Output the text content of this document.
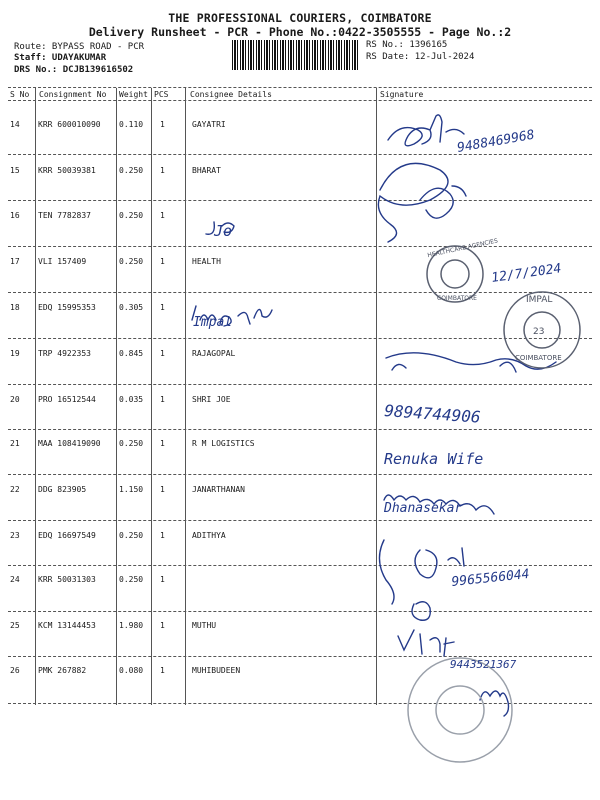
THE PROFESSIONAL COURIERS, COIMBATORE
Delivery Runsheet - PCR - Phone No.:0422-3505555 - Page No.:2
Route: BYPASS ROAD - PCR
Staff: UDAYAKUMAR
DRS No.: DCJB139616502
RS No.: 1396165
RS Date: 12-Jul-2024
S No Consignment No Weight PCS	Consignee Details	Signature
14 KRR 600010090 0.110 1	GAYATRI
15 KRR 50039381	0.250 1	BHARAT
16 TEN 7782837	0.250 1
17 VLI 157409	0.250 1	HEALTH
18 EDQ 15995353	0.305 1
19 TRP 4922353	0.845 1	RAJAGOPAL
20 PRO 16512544	0.035 1	SHRI JOE
21 MAA 108419090 0.250 1	R M LOGISTICS
22 DDG 823905	1.150 1	JANARTHANAN
23 EDQ 16697549	0.250 1	ADITHYA
24 KRR 50031303	0.250 1
25 KCM 13144453	1.980 1	MUTHU
26 PMK 267882	0.080 1	MUHIBUDEEN
HEALTHCARE AGENCIES
COIMBATORE	IMPAL
23
COIMBATORE
9488469968
12/7/2024
Jo
Impal
9894744906
Renuka Wife
Dhanasekar
9965566044
9443521367
